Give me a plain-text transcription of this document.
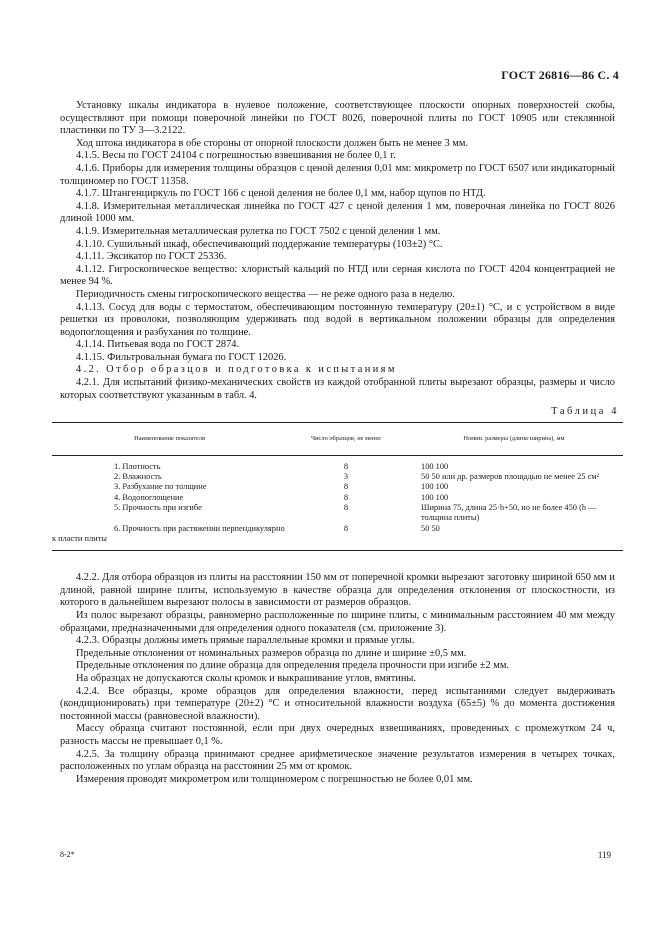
ГОСТ 26816—86 С. 4

Установку шкалы индикатора в нулевое положение, соответствующее плоскости опорных поверхностей скобы, осуществляют при помощи поверочной линейки по ГОСТ 8026, поверочной плиты по ГОСТ 10905 или стеклянной пластинки по ТУ 3—3.2122.

Ход штока индикатора в обе стороны от опорной плоскости должен быть не менее 3 мм.

4.1.5. Весы по ГОСТ 24104 с погрешностью взвешивания не более 0,1 г.

4.1.6. Приборы для измерения толщины образцов с ценой деления 0,01 мм: микрометр по ГОСТ 6507 или индикаторный толщиномер по ГОСТ 11358.

4.1.7. Штангенциркуль по ГОСТ 166 с ценой деления не более 0,1 мм, набор щупов по НТД.

4.1.8. Измерительная металлическая линейка по ГОСТ 427 с ценой деления 1 мм, поверочная линейка по ГОСТ 8026 длиной 1000 мм.

4.1.9. Измерительная металлическая рулетка по ГОСТ 7502 с ценой деления 1 мм.

4.1.10. Сушильный шкаф, обеспечивающий поддержание температуры (103±2) °С.

4.1.11. Эксикатор по ГОСТ 25336.

4.1.12. Гигроскопическое вещество: хлористый кальций по НТД или серная кислота по ГОСТ 4204 концентрацией не менее 94 %.

Периодичность смены гигроскопического вещества — не реже одного раза в неделю.

4.1.13. Сосуд для воды с термостатом, обеспечивающим постоянную температуру (20±1) °С, и с устройством в виде решетки из проволоки, позволяющим удерживать под водой в вертикальном положении образцы для определения водопоглощения и разбухания по толщине.

4.1.14. Питьевая вода по ГОСТ 2874.

4.1.15. Фильтровальная бумага по ГОСТ 12026.

4.2. Отбор образцов и подготовка к испытаниям

4.2.1. Для испытаний физико-механических свойств из каждой отобранной плиты вырезают образцы, размеры и число которых соответствуют указанным в табл. 4.

Таблица 4
Наименование показателя	Число образцов, не менее	Номин. размеры (длина·ширина), мм
1. Плотность	8	100 100
2. Влажность	3	50 50 или др. размеров площадью не менее 25 см²
3. Разбухание по толщине	8	100 100
4. Водопоглощение	8	100 100
5. Прочность при изгибе	8	Ширина 75, длина 25·h+50, но не более 450 (h — толщина плиты)

6. Прочность при растяжении перпендикулярно к пласти плиты	8	50 50

4.2.2. Для отбора образцов из плиты на расстоянии 150 мм от поперечной кромки вырезают заготовку шириной 650 мм и длиной, равной ширине плиты, используемую в качестве образца для определения отклонения от плоскостности, из которого в дальнейшем вырезают полосы в зависимости от размеров образцов.

Из полос вырезают образцы, равномерно расположенные по ширине плиты, с минимальным расстоянием 40 мм между образцами, предназначенными для определения одного показателя (см. приложение 3).

4.2.3. Образцы должны иметь прямые параллельные кромки и прямые углы.

Предельные отклонения от номинальных размеров образца по длине и ширине ±0,5 мм.

Предельные отклонения по длине образца для определения предела прочности при изгибе ±2 мм.

На образцах не допускаются сколы кромок и выкрашивание углов, вмятины.

4.2.4. Все образцы, кроме образцов для определения влажности, перед испытаниями следует выдерживать (кондиционировать) при температуре (20±2) °С и относительной влажности воздуха (65±5) % до момента достижения постоянной массы (равновесной влажности).

Массу образца считают постоянной, если при двух очередных взвешиваниях, проведенных с промежутком 24 ч, разность массы не превышает 0,1 %.

4.2.5. За толщину образца принимают среднее арифметическое значение результатов измерения в четырех точках, расположенных по углам образца на расстоянии 25 мм от кромок.

Измерения проводят микрометром или толщиномером с погрешностью не более 0,01 мм.

8-2*	119
